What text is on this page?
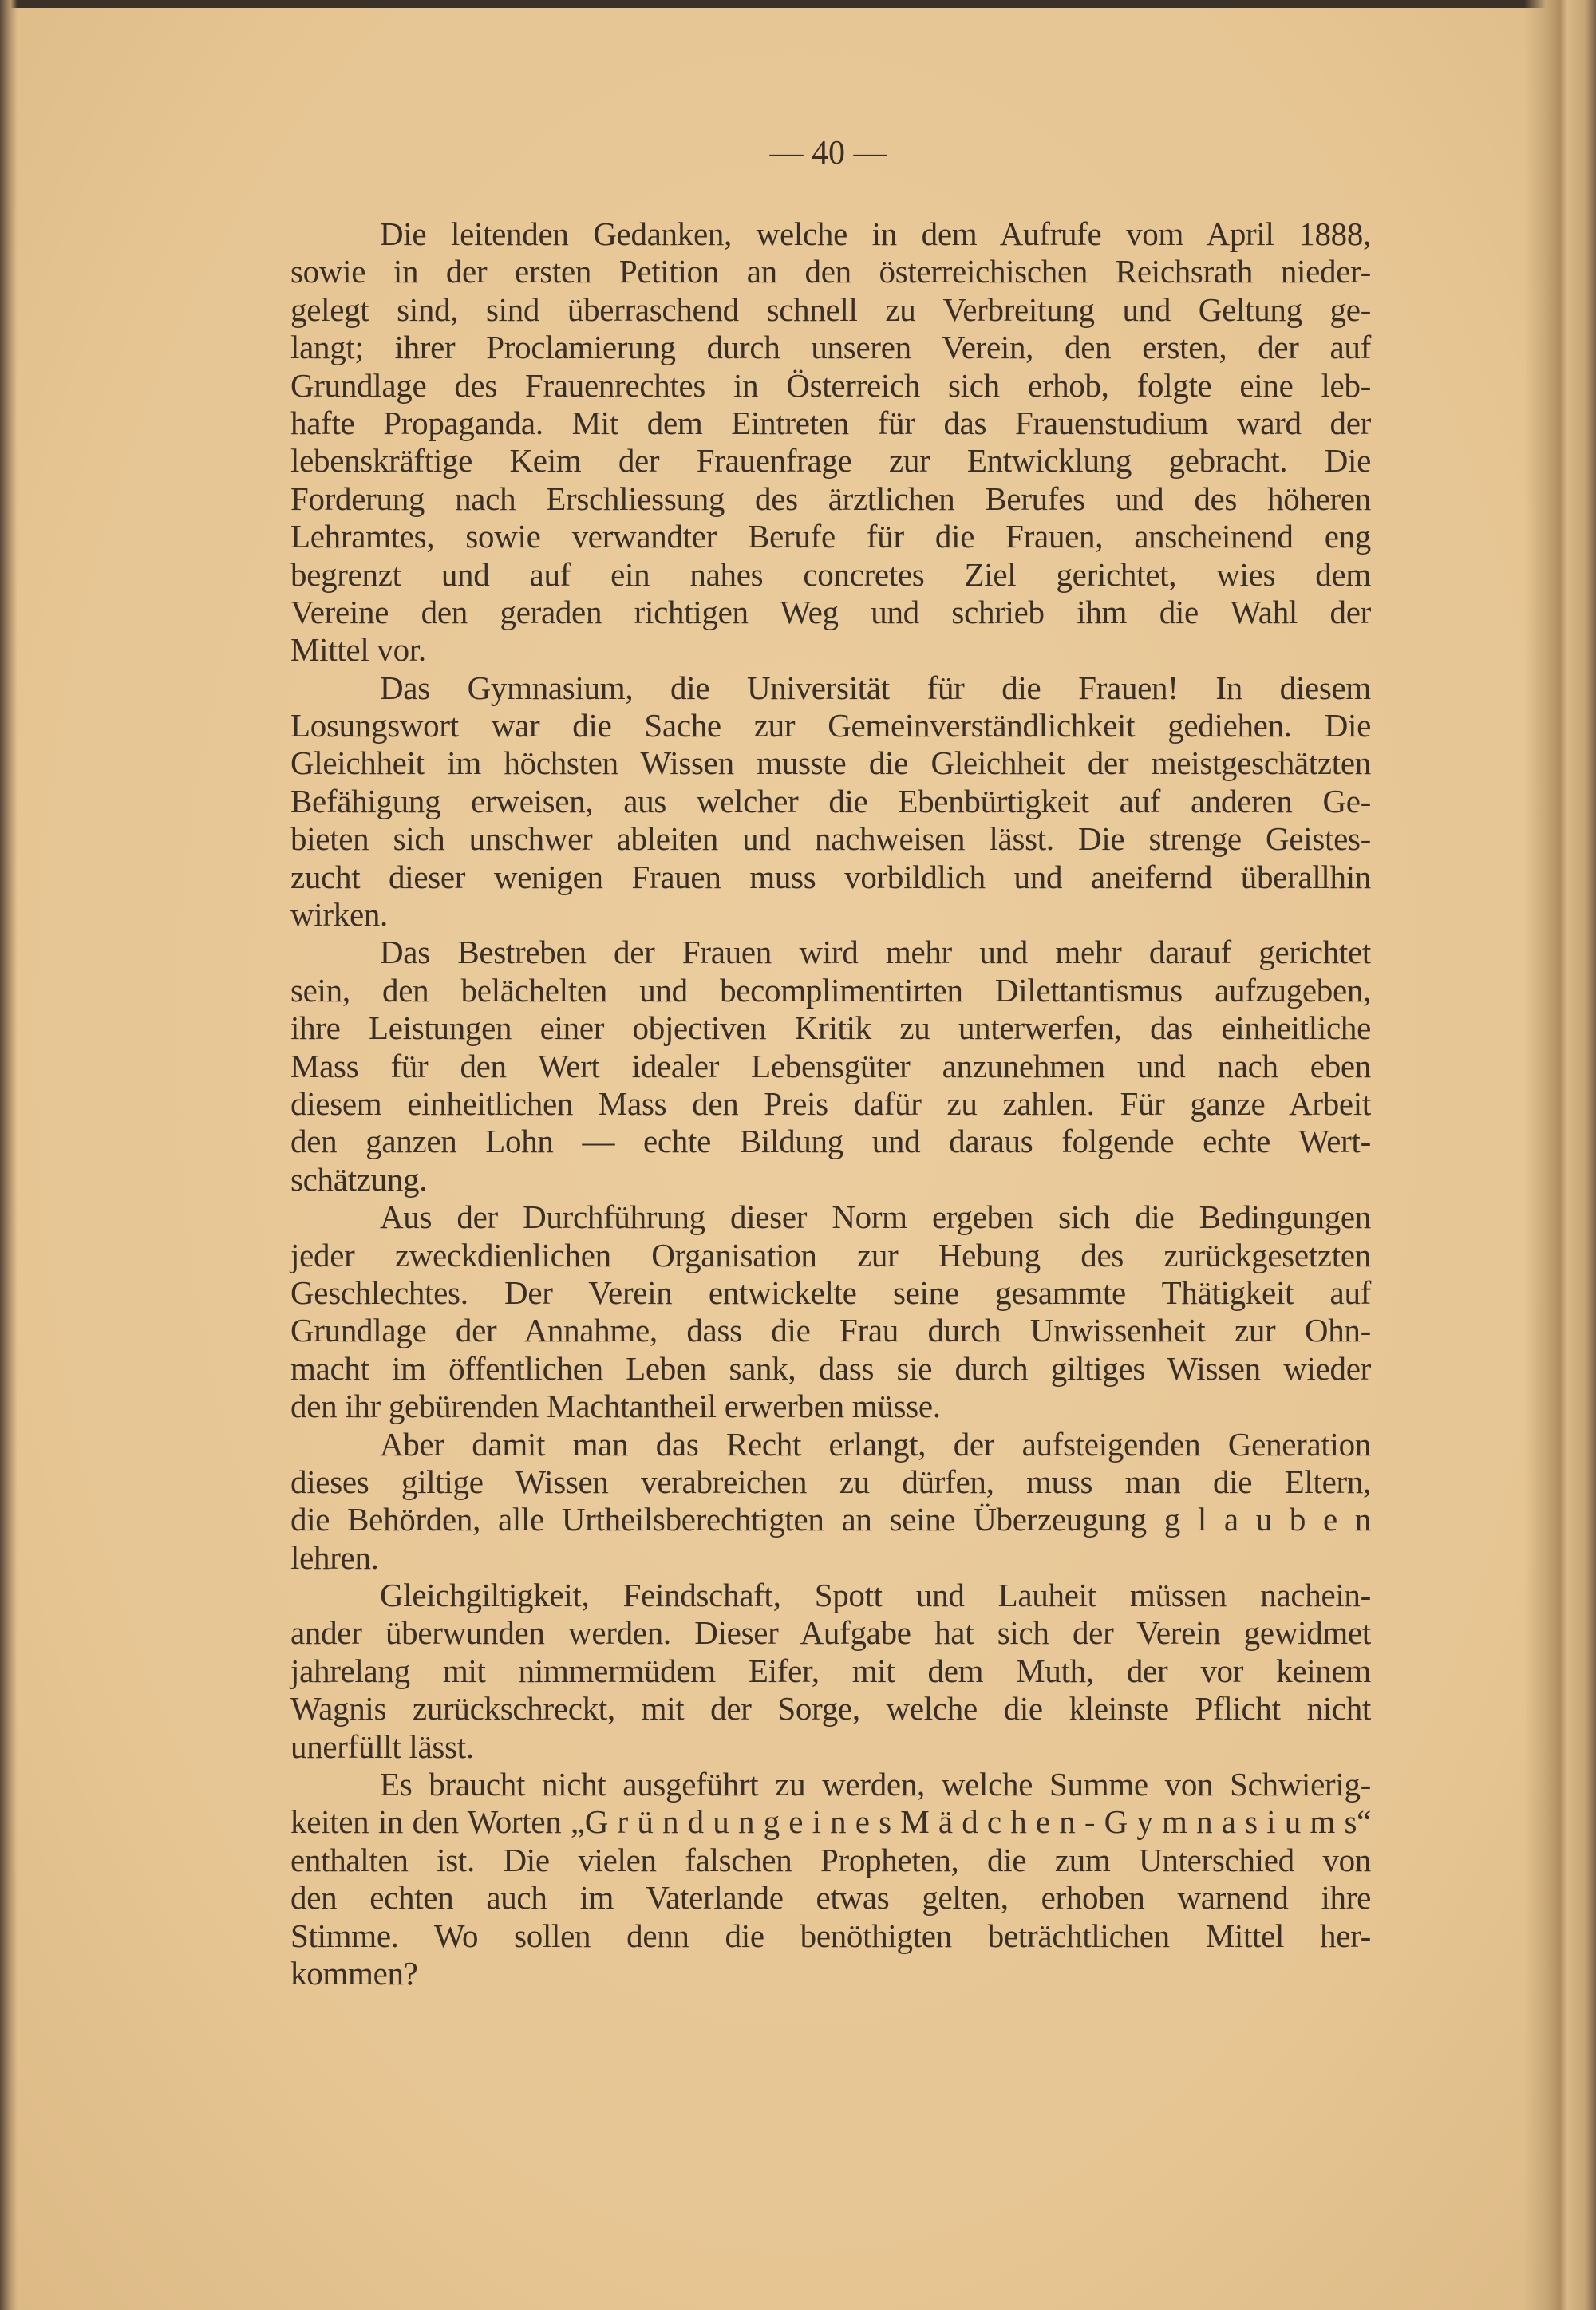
— 40 —
Die leitenden Gedanken, welche in dem Aufrufe vom April 1888,
sowie in der ersten Petition an den österreichischen Reichsrath nieder-
gelegt sind, sind überraschend schnell zu Verbreitung und Geltung ge-
langt; ihrer Proclamierung durch unseren Verein, den ersten, der auf
Grundlage des Frauenrechtes in Österreich sich erhob, folgte eine leb-
hafte Propaganda. Mit dem Eintreten für das Frauenstudium ward der
lebenskräftige Keim der Frauenfrage zur Entwicklung gebracht. Die
Forderung nach Erschliessung des ärztlichen Berufes und des höheren
Lehramtes, sowie verwandter Berufe für die Frauen, anscheinend eng
begrenzt und auf ein nahes concretes Ziel gerichtet, wies dem
Vereine den geraden richtigen Weg und schrieb ihm die Wahl der
Mittel vor.
Das Gymnasium, die Universität für die Frauen! In diesem
Losungswort war die Sache zur Gemeinverständlichkeit gediehen. Die
Gleichheit im höchsten Wissen musste die Gleichheit der meistgeschätzten
Befähigung erweisen, aus welcher die Ebenbürtigkeit auf anderen Ge-
bieten sich unschwer ableiten und nachweisen lässt. Die strenge Geistes-
zucht dieser wenigen Frauen muss vorbildlich und aneifernd überallhin
wirken.
Das Bestreben der Frauen wird mehr und mehr darauf gerichtet
sein, den belächelten und becomplimentirten Dilettantismus aufzugeben,
ihre Leistungen einer objectiven Kritik zu unterwerfen, das einheitliche
Mass für den Wert idealer Lebensgüter anzunehmen und nach eben
diesem einheitlichen Mass den Preis dafür zu zahlen. Für ganze Arbeit
den ganzen Lohn — echte Bildung und daraus folgende echte Wert-
schätzung.
Aus der Durchführung dieser Norm ergeben sich die Bedingungen
jeder zweckdienlichen Organisation zur Hebung des zurückgesetzten
Geschlechtes. Der Verein entwickelte seine gesammte Thätigkeit auf
Grundlage der Annahme, dass die Frau durch Unwissenheit zur Ohn-
macht im öffentlichen Leben sank, dass sie durch giltiges Wissen wieder
den ihr gebürenden Machtantheil erwerben müsse.
Aber damit man das Recht erlangt, der aufsteigenden Generation
dieses giltige Wissen verabreichen zu dürfen, muss man die Eltern,
die Behörden, alle Urtheilsberechtigten an seine Überzeugung g l a u b e n
lehren.
Gleichgiltigkeit, Feindschaft, Spott und Lauheit müssen nachein-
ander überwunden werden. Dieser Aufgabe hat sich der Verein gewidmet
jahrelang mit nimmermüdem Eifer, mit dem Muth, der vor keinem
Wagnis zurückschreckt, mit der Sorge, welche die kleinste Pflicht nicht
unerfüllt lässt.
Es braucht nicht ausgeführt zu werden, welche Summe von Schwierig-
keiten in den Worten „G r ü n d u n g e i n e s M ä d c h e n - G y m n a s i u m s“
enthalten ist. Die vielen falschen Propheten, die zum Unterschied von
den echten auch im Vaterlande etwas gelten, erhoben warnend ihre
Stimme. Wo sollen denn die benöthigten beträchtlichen Mittel her-
kommen?
